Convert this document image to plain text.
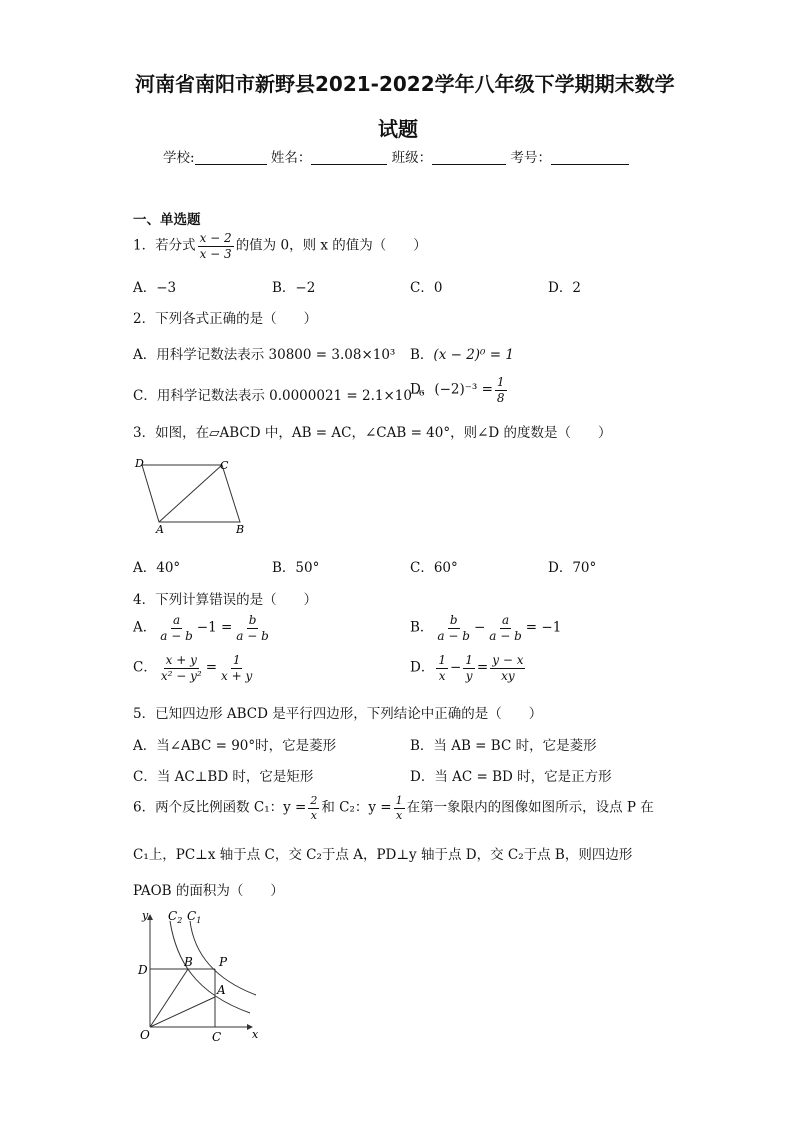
河南省南阳市新野县2021-2022学年八年级下学期期末数学
试题
学校:	姓名：	班级：	考号：
一、单选题
1．若分式 $\frac{x - 2}{x - 3}$ 的值为 0，则 x 的值为（　　）
A．−3	B．−2	C．0	D．2
2．下列各式正确的是（　　）
A．用科学记数法表示 30800 = 3.08×10³ B．(x − 2)⁰ = 1
C．用科学记数法表示 0.0000021 = 2.1×10⁻⁶
D．$(-2)^{-3} = \frac{1}{8}$
3．如图，在▱ABCD 中，AB = AC，∠CAB = 40°，则∠D 的度数是（　　）
D	C
A	B
A．40°	B．50°	C．60°	D．70°
4．下列计算错误的是（　　）
A． $\frac{a}{a - b} -1 = \frac{b}{a - b}$	B． $\frac{b}{a - b} - \frac{a}{a - b} = -1$
C． $\frac{x + y}{\text{x² − y²}} = \frac{1}{x + y}$	D． $\frac{1}{x} - \frac{1}{y} = \frac{y - x}{xy}$
5．已知四边形 ABCD 是平行四边形，下列结论中正确的是（　　）
A．当∠ABC = 90°时，它是菱形	B．当 AB = BC 时，它是菱形
C．当 AC⊥BD 时，它是矩形	D．当 AC = BD 时，它是正方形
6．两个反比例函数 C₁：$y = \frac{2}{x}$ 和 C₂：$y = \frac{1}{x}$ 在第一象限内的图像如图所示，设点 P 在
C₁上，PC⊥x 轴于点 C，交 C₂于点 A，PD⊥y 轴于点 D，交 C₂于点 B，则四边形
PAOB 的面积为（　　）
y
x
O	C
D
P
B
A
$C_2$ $C_1$
